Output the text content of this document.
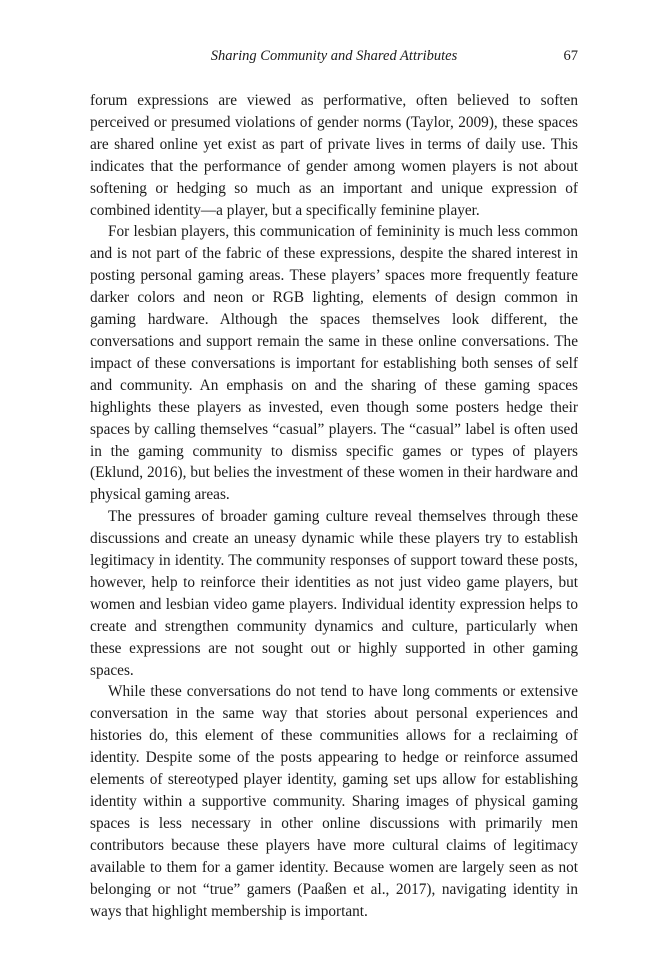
Sharing Community and Shared Attributes	67

forum expressions are viewed as performative, often believed to soften perceived or presumed violations of gender norms (Taylor, 2009), these spaces are shared online yet exist as part of private lives in terms of daily use. This indicates that the performance of gender among women players is not about softening or hedging so much as an important and unique expression of combined identity—a player, but a specifically feminine player.

For lesbian players, this communication of femininity is much less common and is not part of the fabric of these expressions, despite the shared interest in posting personal gaming areas. These players’ spaces more frequently feature darker colors and neon or RGB lighting, elements of design common in gaming hardware. Although the spaces themselves look different, the conversations and support remain the same in these online conversations. The impact of these conversations is important for establishing both senses of self and community. An emphasis on and the sharing of these gaming spaces highlights these players as invested, even though some posters hedge their spaces by calling themselves “casual” players. The “casual” label is often used in the gaming community to dismiss specific games or types of players (Eklund, 2016), but belies the investment of these women in their hardware and physical gaming areas.

The pressures of broader gaming culture reveal themselves through these discussions and create an uneasy dynamic while these players try to establish legitimacy in identity. The community responses of support toward these posts, however, help to reinforce their identities as not just video game players, but women and lesbian video game players. Individual identity expression helps to create and strengthen community dynamics and culture, particularly when these expressions are not sought out or highly supported in other gaming spaces.

While these conversations do not tend to have long comments or extensive conversation in the same way that stories about personal experiences and histories do, this element of these communities allows for a reclaiming of identity. Despite some of the posts appearing to hedge or reinforce assumed elements of stereotyped player identity, gaming set ups allow for establishing identity within a supportive community. Sharing images of physical gaming spaces is less necessary in other online discussions with primarily men contributors because these players have more cultural claims of legitimacy available to them for a gamer identity. Because women are largely seen as not belonging or not “true” gamers (Paaßen et al., 2017), navigating identity in ways that highlight membership is important.
